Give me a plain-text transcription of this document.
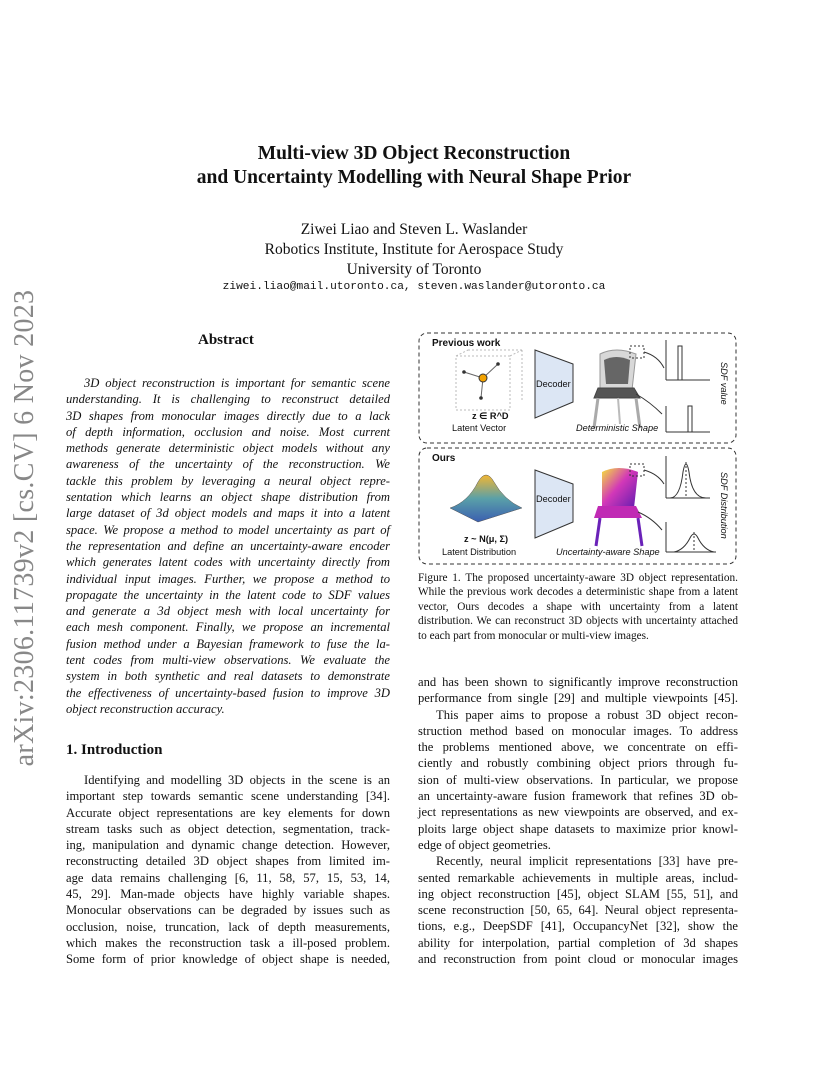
arXiv:2306.11739v2 [cs.CV] 6 Nov 2023
Multi-view 3D Object Reconstruction
and Uncertainty Modelling with Neural Shape Prior
Ziwei Liao and Steven L. Waslander
Robotics Institute, Institute for Aerospace Study
University of Toronto
ziwei.liao@mail.utoronto.ca, steven.waslander@utoronto.ca
Abstract
3D object reconstruction is important for semantic scene
understanding. It is challenging to reconstruct detailed
3D shapes from monocular images directly due to a lack
of depth information, occlusion and noise. Most current
methods generate deterministic object models without any
awareness of the uncertainty of the reconstruction. We
tackle this problem by leveraging a neural object repre-
sentation which learns an object shape distribution from
large dataset of 3d object models and maps it into a latent
space. We propose a method to model uncertainty as part of
the representation and define an uncertainty-aware encoder
which generates latent codes with uncertainty directly from
individual input images. Further, we propose a method to
propagate the uncertainty in the latent code to SDF values
and generate a 3d object mesh with local uncertainty for
each mesh component. Finally, we propose an incremental
fusion method under a Bayesian framework to fuse the la-
tent codes from multi-view observations. We evaluate the
system in both synthetic and real datasets to demonstrate
the effectiveness of uncertainty-based fusion to improve 3D
object reconstruction accuracy.
1. Introduction
Identifying and modelling 3D objects in the scene is an
important step towards semantic scene understanding [34].
Accurate object representations are key elements for down
stream tasks such as object detection, segmentation, track-
ing, manipulation and dynamic change detection. However,
reconstructing detailed 3D object shapes from limited im-
age data remains challenging [6, 11, 58, 57, 15, 53, 14,
45, 29]. Man-made objects have highly variable shapes.
Monocular observations can be degraded by issues such as
occlusion, noise, truncation, lack of depth measurements,
which makes the reconstruction task a ill-posed problem.
Some form of prior knowledge of object shape is needed,
Previous work
z ∈ R^D
Latent Vector
Decoder
Deterministic Shape
SDF value
Ours
z ~ N(μ, Σ)
Latent Distribution
Decoder
Uncertainty-aware Shape
SDF Distribution
Figure 1. The proposed uncertainty-aware 3D object representation. While the previous work decodes a deterministic shape from a latent vector, Ours decodes a shape with uncertainty from a latent distribution. We can reconstruct 3D objects with uncertainty attached to each part from monocular or multi-view images.
and has been shown to significantly improve reconstruction
performance from single [29] and multiple viewpoints [45].
This paper aims to propose a robust 3D object recon-
struction method based on monocular images. To address
the problems mentioned above, we concentrate on effi-
ciently and robustly combining object priors through fu-
sion of multi-view observations. In particular, we propose
an uncertainty-aware fusion framework that refines 3D ob-
ject representations as new viewpoints are observed, and ex-
ploits large object shape datasets to maximize prior knowl-
edge of object geometries.
Recently, neural implicit representations [33] have pre-
sented remarkable achievements in multiple areas, includ-
ing object reconstruction [45], object SLAM [55, 51], and
scene reconstruction [50, 65, 64]. Neural object representa-
tions, e.g., DeepSDF [41], OccupancyNet [32], show the
ability for interpolation, partial completion of 3d shapes
and reconstruction from point cloud or monocular images
